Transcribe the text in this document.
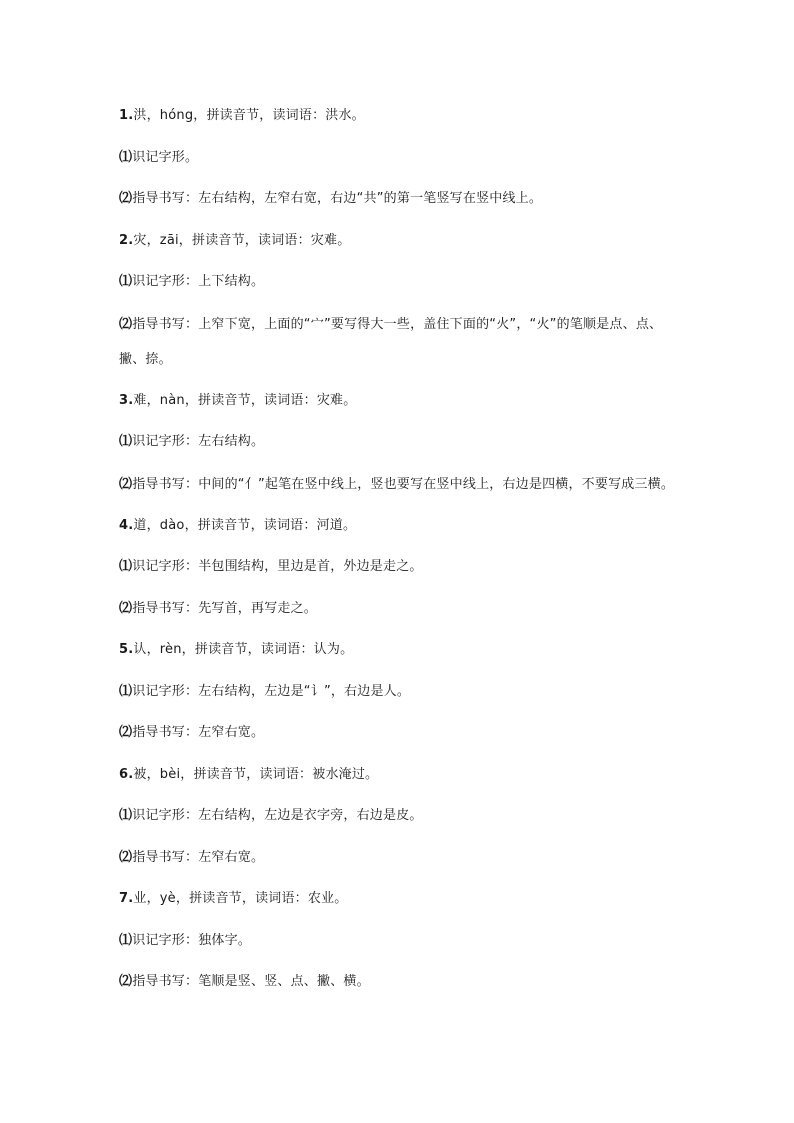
1.洪，hóng，拼读音节，读词语：洪水。
⑴识记字形。
⑵指导书写：左右结构，左窄右宽，右边“共”的第一笔竖写在竖中线上。
2.灾，zāi，拼读音节，读词语：灾难。
⑴识记字形：上下结构。
⑵指导书写：上窄下宽，上面的“宀”要写得大一些，盖住下面的“火”，“火”的笔顺是点、点、撇、捺。
3.难，nàn，拼读音节，读词语：灾难。
⑴识记字形：左右结构。
⑵指导书写：中间的“亻”起笔在竖中线上，竖也要写在竖中线上，右边是四横，不要写成三横。
4.道，dào，拼读音节，读词语：河道。
⑴识记字形：半包围结构，里边是首，外边是走之。
⑵指导书写：先写首，再写走之。
5.认，rèn，拼读音节，读词语：认为。
⑴识记字形：左右结构，左边是“讠”，右边是人。
⑵指导书写：左窄右宽。
6.被，bèi，拼读音节，读词语：被水淹过。
⑴识记字形：左右结构，左边是衣字旁，右边是皮。
⑵指导书写：左窄右宽。
7.业，yè，拼读音节，读词语：农业。
⑴识记字形：独体字。
⑵指导书写：笔顺是竖、竖、点、撇、横。
